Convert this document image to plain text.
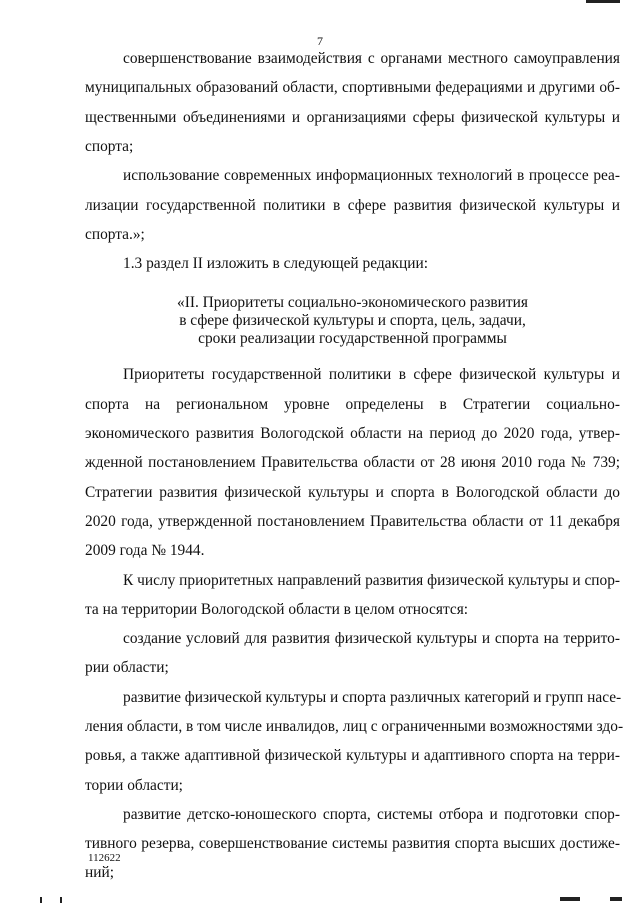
7
совершенствование взаимодействия с органами местного самоуправления
муниципальных образований области, спортивными федерациями и другими об-
щественными объединениями и организациями сферы физической культуры и
спорта;
использование современных информационных технологий в процессе реа-
лизации государственной политики в сфере развития физической культуры и
спорта.»;
1.3 раздел II изложить в следующей редакции:
«II. Приоритеты социально-экономического развития
в сфере физической культуры и спорта, цель, задачи,
сроки реализации государственной программы
Приоритеты государственной политики в сфере физической культуры и
спорта на региональном уровне определены в Стратегии социально-
экономического развития Вологодской области на период до 2020 года, утвер-
жденной постановлением Правительства области от 28 июня 2010 года № 739;
Стратегии развития физической культуры и спорта в Вологодской области до
2020 года, утвержденной постановлением Правительства области от 11 декабря
2009 года № 1944.
К числу приоритетных направлений развития физической культуры и спор-
та на территории Вологодской области в целом относятся:
создание условий для развития физической культуры и спорта на террито-
рии области;
развитие физической культуры и спорта различных категорий и групп насе-
ления области, в том числе инвалидов, лиц с ограниченными возможностями здо-
ровья, а также адаптивной физической культуры и адаптивного спорта на терри-
тории области;
развитие детско-юношеского спорта, системы отбора и подготовки спор-
тивного резерва, совершенствование системы развития спорта высших достиже-
ний;
112622
